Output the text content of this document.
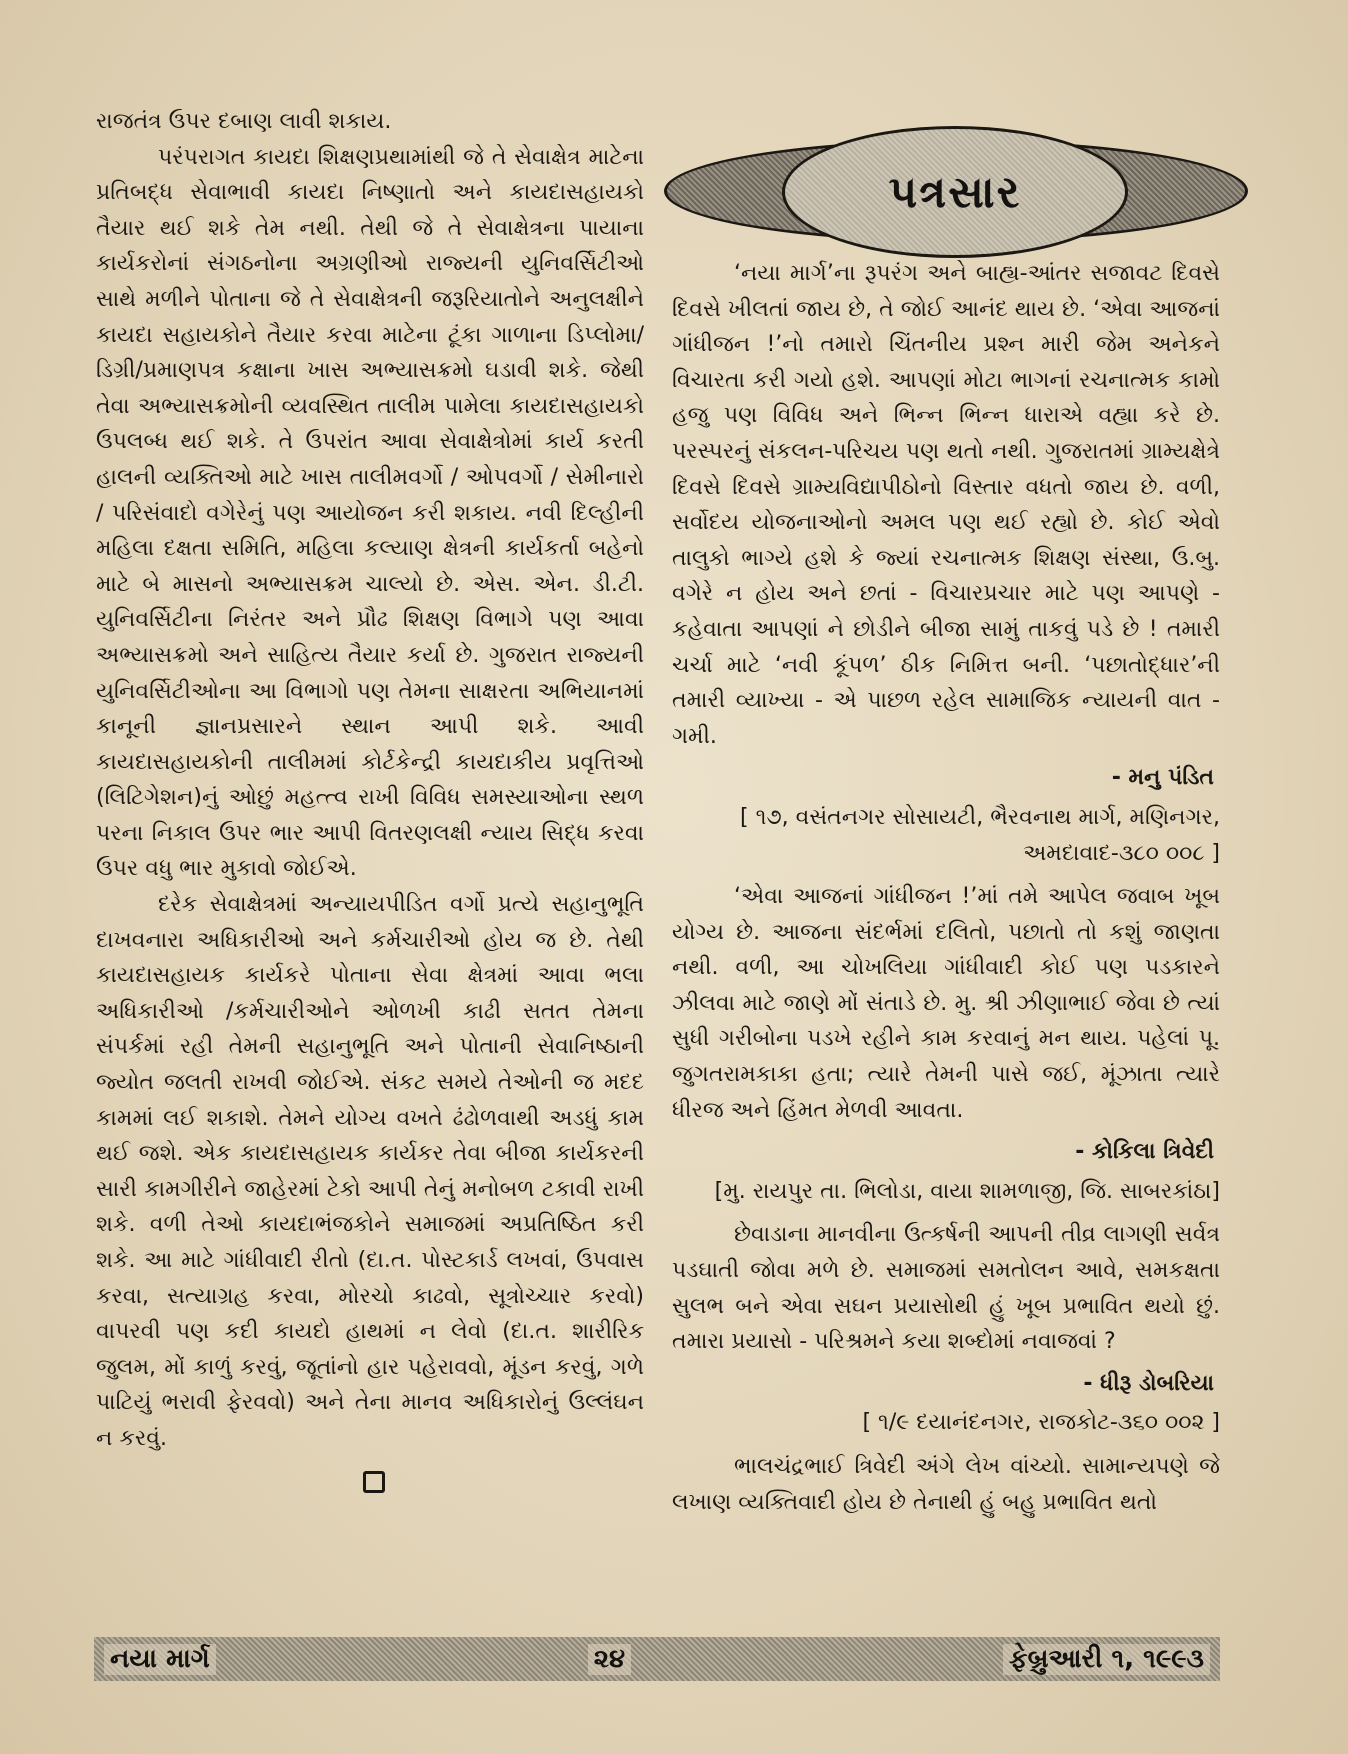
રાજતંત્ર ઉપર દબાણ લાવી શકાય.

પરંપરાગત કાયદા શિક્ષણપ્રથામાંથી જે તે સેવાક્ષેત્ર માટેના પ્રતિબદ્ધ સેવાભાવી કાયદા નિષ્ણાતો અને કાયદાસહાયકો તૈયાર થઈ શકે તેમ નથી. તેથી જે તે સેવાક્ષેત્રના પાયાના કાર્યકરોનાં સંગઠનોના અગ્રણીઓ રાજ્યની યુનિવર્સિટીઓ સાથે મળીને પોતાના જે તે સેવાક્ષેત્રની જરૂરિયાતોને અનુલક્ષીને કાયદા સહાયકોને તૈયાર કરવા માટેના ટૂંકા ગાળાના ડિપ્લોમા/ડિગ્રી/પ્રમાણપત્ર કક્ષાના ખાસ અભ્યાસક્રમો ઘડાવી શકે. જેથી તેવા અભ્યાસક્રમોની વ્યવસ્થિત તાલીમ પામેલા કાયદાસહાયકો ઉપલબ્ધ થઈ શકે. તે ઉપરાંત આવા સેવાક્ષેત્રોમાં કાર્ય કરતી હાલની વ્યક્તિઓ માટે ખાસ તાલીમવર્ગો / ઓપવર્ગો / સેમીનારો / પરિસંવાદો વગેરેનું પણ આયોજન કરી શકાય. નવી દિલ્હીની મહિલા દક્ષતા સમિતિ, મહિલા કલ્યાણ ક્ષેત્રની કાર્યકર્તા બહેનો માટે બે માસનો અભ્યાસક્રમ ચાલ્યો છે. એસ. એન. ડી.ટી. યુનિવર્સિટીના નિરંતર અને પ્રૌઢ શિક્ષણ વિભાગે પણ આવા અભ્યાસક્રમો અને સાહિત્ય તૈયાર કર્યા છે. ગુજરાત રાજ્યની યુનિવર્સિટીઓના આ વિભાગો પણ તેમના સાક્ષરતા અભિયાનમાં કાનૂની જ્ઞાનપ્રસારને સ્થાન આપી શકે. આવી કાયદાસહાયકોની તાલીમમાં કોર્ટકેન્દ્રી કાયદાકીય પ્રવૃત્તિઓ (લિટિગેશન)નું ઓછું મહત્ત્વ રાખી વિવિધ સમસ્યાઓના સ્થળ પરના નિકાલ ઉપર ભાર આપી વિતરણલક્ષી ન્યાય સિદ્ધ કરવા ઉપર વધુ ભાર મુકાવો જોઈએ.

દરેક સેવાક્ષેત્રમાં અન્યાયપીડિત વર્ગો પ્રત્યે સહાનુભૂતિ દાખવનારા અધિકારીઓ અને કર્મચારીઓ હોય જ છે. તેથી કાયદાસહાયક કાર્યકરે પોતાના સેવા ક્ષેત્રમાં આવા ભલા અધિકારીઓ /કર્મચારીઓને ઓળખી કાઢી સતત તેમના સંપર્કમાં રહી તેમની સહાનુભૂતિ અને પોતાની સેવાનિષ્ઠાની જ્યોત જલતી રાખવી જોઈએ. સંકટ સમયે તેઓની જ મદદ કામમાં લઈ શકાશે. તેમને યોગ્ય વખતે ઢંઢોળવાથી અડધું કામ થઈ જશે. એક કાયદાસહાયક કાર્યકર તેવા બીજા કાર્યકરની સારી કામગીરીને જાહેરમાં ટેકો આપી તેનું મનોબળ ટકાવી રાખી શકે. વળી તેઓ કાયદાભંજકોને સમાજમાં અપ્રતિષ્ઠિત કરી શકે. આ માટે ગાંધીવાદી રીતો (દા.ત. પોસ્ટકાર્ડ લખવાં, ઉપવાસ કરવા, સત્યાગ્રહ કરવા, મોરચો કાઢવો, સૂત્રોચ્ચાર કરવો) વાપરવી પણ કદી કાયદો હાથમાં ન લેવો (દા.ત. શારીરિક જુલમ, મોં કાળું કરવું, જૂતાંનો હાર પહેરાવવો, મૂંડન કરવું, ગળે પાટિયું ભરાવી ફેરવવો) અને તેના માનવ અધિકારોનું ઉલ્લંઘન ન કરવું.

પત્રસાર

‘નયા માર્ગ’ના રૂપરંગ અને બાહ્ય-આંતર સજાવટ દિવસે દિવસે ખીલતાં જાય છે, તે જોઈ આનંદ થાય છે. ‘એવા આજનાં ગાંધીજન !’નો તમારો ચિંતનીય પ્રશ્ન મારી જેમ અનેકને વિચારતા કરી ગયો હશે. આપણાં મોટા ભાગનાં રચનાત્મક કામો હજુ પણ વિવિધ અને ભિન્ન ભિન્ન ધારાએ વહ્યા કરે છે. પરસ્પરનું સંકલન-પરિચય પણ થતો નથી. ગુજરાતમાં ગ્રામ્યક્ષેત્રે દિવસે દિવસે ગ્રામ્યવિદ્યાપીઠોનો વિસ્તાર વધતો જાય છે. વળી, સર્વોદય યોજનાઓનો અમલ પણ થઈ રહ્યો છે. કોઈ એવો તાલુકો ભાગ્યે હશે કે જ્યાં રચનાત્મક શિક્ષણ સંસ્થા, ઉ.બુ. વગેરે ન હોય અને છતાં - વિચારપ્રચાર માટે પણ આપણે - કહેવાતા આપણાં ને છોડીને બીજા સામું તાકવું પડે છે ! તમારી ચર્ચા માટે ‘નવી કૂંપળ’ ઠીક નિમિત્ત બની. ‘પછાતોદ્ધાર’ની તમારી વ્યાખ્યા - એ પાછળ રહેલ સામાજિક ન્યાયની વાત - ગમી.

- મનુ પંડિત

[ ૧૭, વસંતનગર સોસાયટી, ભૈરવનાથ માર્ગ, મણિનગર, અમદાવાદ-૩૮૦ ૦૦૮ ]

‘એવા આજનાં ગાંધીજન !’માં તમે આપેલ જવાબ ખૂબ યોગ્ય છે. આજના સંદર્ભમાં દલિતો, પછાતો તો કશું જાણતા નથી. વળી, આ ચોખલિયા ગાંધીવાદી કોઈ પણ પડકારને ઝીલવા માટે જાણે મોં સંતાડે છે. મુ. શ્રી ઝીણાભાઈ જેવા છે ત્યાં સુધી ગરીબોના પડખે રહીને કામ કરવાનું મન થાય. પહેલાં પૂ. જુગતરામકાકા હતા; ત્યારે તેમની પાસે જઈ, મૂંઝાતા ત્યારે ધીરજ અને હિંમત મેળવી આવતા.

- કોકિલા ત્રિવેદી

[મુ. રાયપુર તા. ભિલોડા, વાયા શામળાજી, જિ. સાબરકાંઠા]

છેવાડાના માનવીના ઉત્કર્ષની આપની તીવ્ર લાગણી સર્વત્ર પડઘાતી જોવા મળે છે. સમાજમાં સમતોલન આવે, સમકક્ષતા સુલભ બને એવા સઘન પ્રયાસોથી હું ખૂબ પ્રભાવિત થયો છું. તમારા પ્રયાસો - પરિશ્રમને કયા શબ્દોમાં નવાજવાં ?

- ધીરૂ ડોબરિયા

[ ૧/૯ દયાનંદનગર, રાજકોટ-૩૬૦ ૦૦૨ ]

ભાલચંદ્રભાઈ ત્રિવેદી અંગે લેખ વાંચ્યો. સામાન્યપણે જે લખાણ વ્યક્તિવાદી હોય છે તેનાથી હું બહુ પ્રભાવિત થતો

નયા માર્ગ	૨૪	ફેબ્રુઆરી ૧, ૧૯૯૩
